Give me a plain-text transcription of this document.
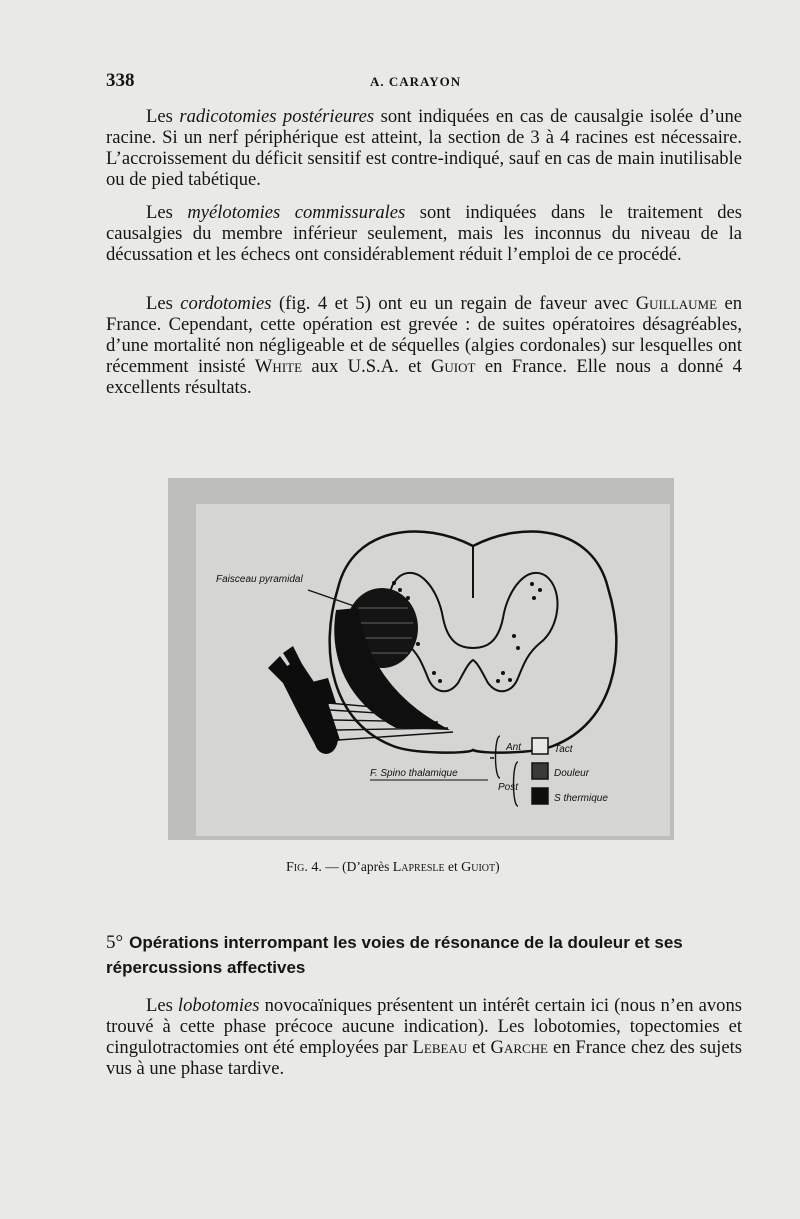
338	A. CARAYON

Les radicotomies postérieures sont indiquées en cas de causalgie isolée d’une racine. Si un nerf périphérique est atteint, la section de 3 à 4 racines est nécessaire. L’accroissement du déficit sensitif est contre-indiqué, sauf en cas de main inutilisable ou de pied tabétique.

Les myélotomies commissurales sont indiquées dans le traitement des causalgies du membre inférieur seulement, mais les inconnus du niveau de la décussation et les échecs ont considérablement réduit l’emploi de ce procédé.

Les cordotomies (fig. 4 et 5) ont eu un regain de faveur avec Guillaume en France. Cependant, cette opération est grevée : de suites opératoires désagréables, d’une mortalité non négligeable et de séquelles (algies cordonales) sur lesquelles ont récemment insisté White aux U.S.A. et Guiot en France. Elle nous a donné 4 excellents résultats.

Faisceau pyramidal
F. Spino thalamique
Ant
Post
Tact
Douleur
S thermique
Fig. 4. — (D’après Lapresle et Guiot)
5° Opérations interrompant les voies de résonance de la douleur et ses répercussions affectives

Les lobotomies novocaïniques présentent un intérêt certain ici (nous n’en avons trouvé à cette phase précoce aucune indication). Les lobotomies, topectomies et cingulotractomies ont été employées par Lebeau et Garche en France chez des sujets vus à une phase tardive.
